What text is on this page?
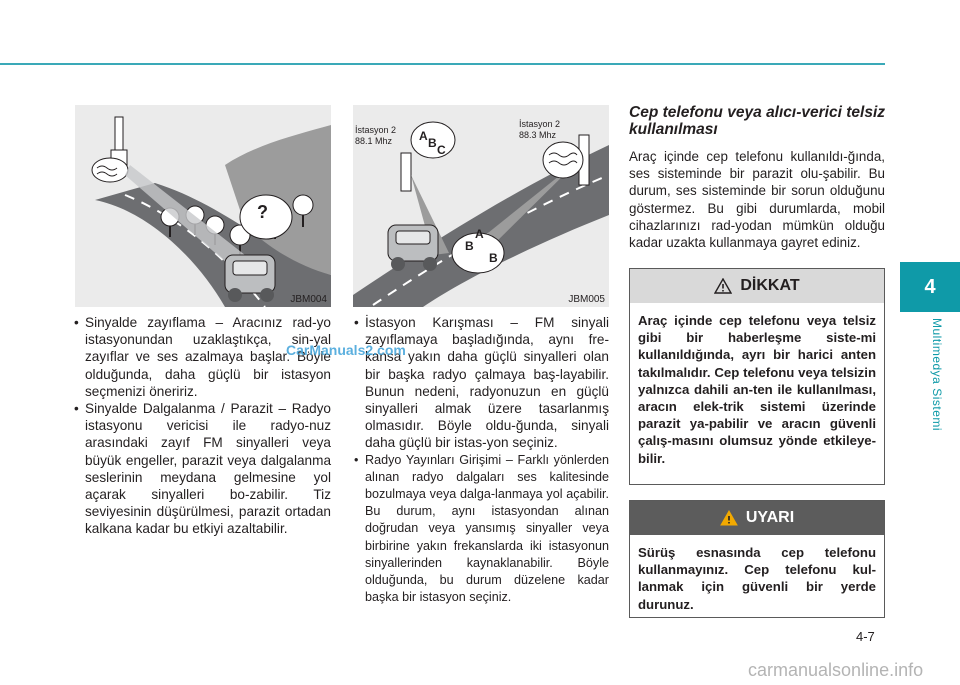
?
JBM004
İstasyon 2
88.1 Mhz
İstasyon 2
88.3 Mhz
A B C
A
B
B
JBM005

• Sinyalde zayıflama – Aracınız rad-yo istasyonundan uzaklaştıkça, sin-yal zayıflar ve ses azalmaya başlar. Böyle olduğunda, daha güçlü bir istasyon seçmenizi öneririz.

• Sinyalde Dalgalanma / Parazit – Radyo istasyonu vericisi ile radyo-nuz arasındaki zayıf FM sinyalleri veya büyük engeller, parazit veya dalgalanma seslerinin meydana gelmesine yol açarak sinyalleri bo-zabilir. Tiz seviyesinin düşürülmesi, parazit ortadan kalkana kadar bu etkiyi azaltabilir.

• İstasyon Karışması – FM sinyali zayıflamaya başladığında, aynı fre-kansa yakın daha güçlü sinyalleri olan bir başka radyo çalmaya baş-layabilir. Bunun nedeni, radyonuzun en güçlü sinyalleri almak üzere tasarlanmış olmasıdır. Böyle oldu-ğunda, sinyali daha güçlü bir istas-yon seçiniz.

• Radyo Yayınları Girişimi – Farklı yönlerden alınan radyo dalgaları ses kalitesinde bozulmaya veya dalga-lanmaya yol açabilir. Bu durum, aynı istasyondan alınan doğrudan veya yansımış sinyaller veya birbirine yakın frekanslarda iki istasyonun sinyallerinden kaynaklanabilir. Böyle olduğunda, bu durum düzelene kadar başka bir istasyon seçiniz.

Cep telefonu veya alıcı-verici telsiz kullanılması

Araç içinde cep telefonu kullanıldı-ğında, ses sisteminde bir parazit olu-şabilir. Bu durum, ses sisteminde bir sorun olduğunu göstermez. Bu gibi durumlarda, mobil cihazlarınızı rad-yodan mümkün olduğu kadar uzakta kullanmaya gayret ediniz.

DİKKAT

Araç içinde cep telefonu veya telsiz gibi bir haberleşme siste-mi kullanıldığında, ayrı bir harici anten takılmalıdır. Cep telefonu veya telsizin yalnızca dahili an-ten ile kullanılması, aracın elek-trik sistemi üzerinde parazit ya-pabilir ve aracın güvenli çalış-masını olumsuz yönde etkileye-bilir.

UYARI

Sürüş esnasında cep telefonu kullanmayınız. Cep telefonu kul-lanmak için güvenli bir yerde durunuz.

4
Multimedya Sistemi
4-7
CarManuals2.com
carmanualsonline.info
